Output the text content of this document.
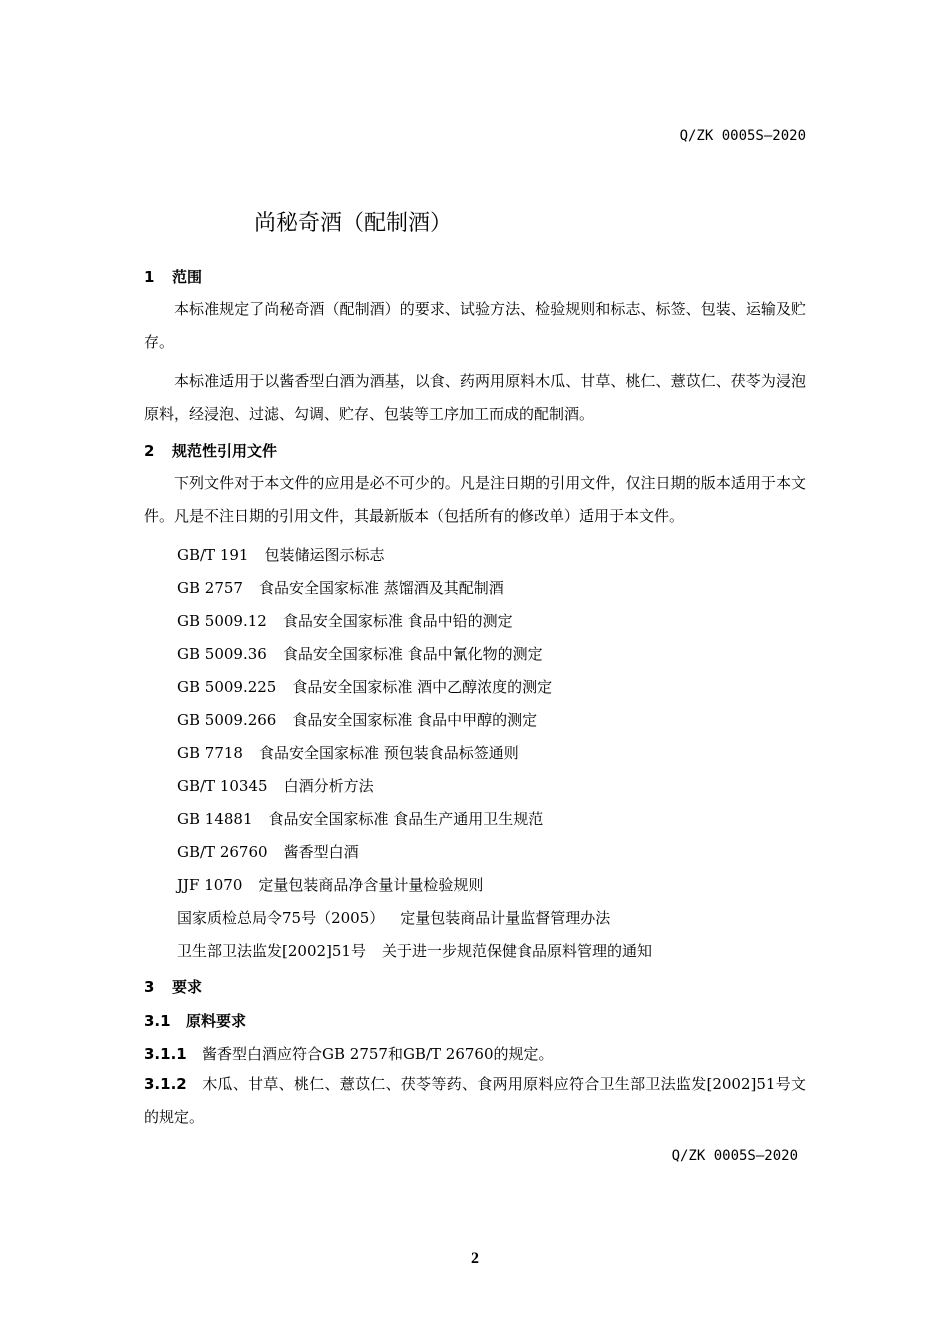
Q/ZK 0005S—2020
尚秘奇酒（配制酒）
1 范围
本标准规定了尚秘奇酒（配制酒）的要求、试验方法、检验规则和标志、标签、包装、运输及贮存。
本标准适用于以酱香型白酒为酒基，以食、药两用原料木瓜、甘草、桃仁、薏苡仁、茯苓为浸泡原料，经浸泡、过滤、勾调、贮存、包装等工序加工而成的配制酒。
2 规范性引用文件
下列文件对于本文件的应用是必不可少的。凡是注日期的引用文件，仅注日期的版本适用于本文件。凡是不注日期的引用文件，其最新版本（包括所有的修改单）适用于本文件。
GB/T 191 包装储运图示标志
GB 2757 食品安全国家标准 蒸馏酒及其配制酒
GB 5009.12 食品安全国家标准 食品中铅的测定
GB 5009.36 食品安全国家标准 食品中氰化物的测定
GB 5009.225 食品安全国家标准 酒中乙醇浓度的测定
GB 5009.266 食品安全国家标准 食品中甲醇的测定
GB 7718 食品安全国家标准 预包装食品标签通则
GB/T 10345 白酒分析方法
GB 14881 食品安全国家标准 食品生产通用卫生规范
GB/T 26760 酱香型白酒
JJF 1070 定量包装商品净含量计量检验规则
国家质检总局令75号（2005） 定量包装商品计量监督管理办法
卫生部卫法监发[2002]51号 关于进一步规范保健食品原料管理的通知
3 要求
3.1 原料要求
3.1.1 酱香型白酒应符合GB 2757和GB/T 26760的规定。
3.1.2 木瓜、甘草、桃仁、薏苡仁、茯苓等药、食两用原料应符合卫生部卫法监发[2002]51号文的规定。
Q/ZK 0005S—2020
2
